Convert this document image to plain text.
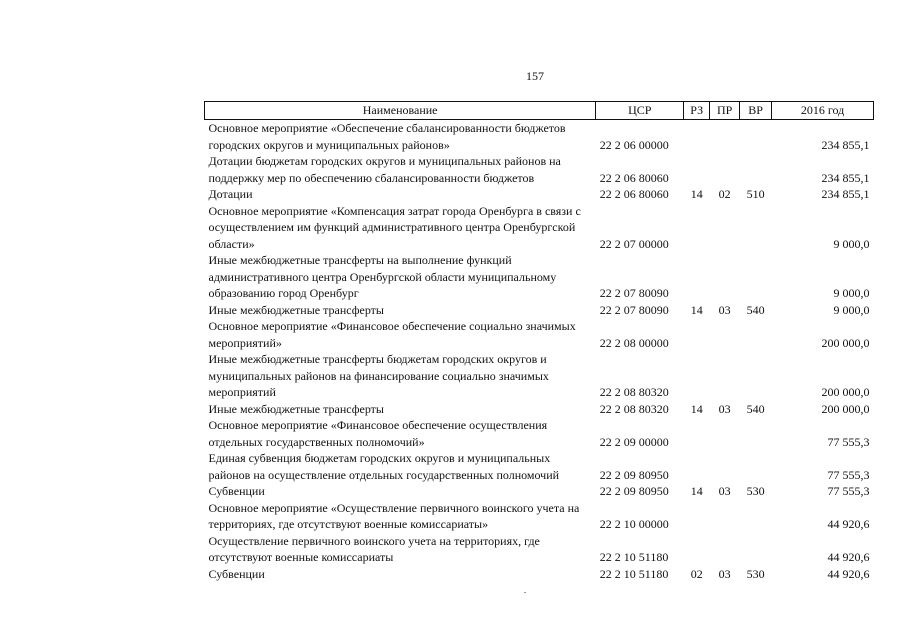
157
Наименование	ЦСР	РЗ	ПР	ВР	2016 год
Основное мероприятие «Обеспечение сбалансированности бюджетов городских округов и муниципальных районов»	22 2 06 00000				234 855,1
Дотации бюджетам городских округов и муниципальных районов на поддержку мер по обеспечению сбалансированности бюджетов	22 2 06 80060				234 855,1
Дотации	22 2 06 80060	14	02	510	234 855,1
Основное мероприятие «Компенсация затрат города Оренбурга в связи с осуществлением им функций административного центра Оренбургской области»	22 2 07 00000				9 000,0
Иные межбюджетные трансферты на выполнение функций административного центра Оренбургской области муниципальному образованию город Оренбург	22 2 07 80090				9 000,0
Иные межбюджетные трансферты	22 2 07 80090	14	03	540	9 000,0
Основное мероприятие «Финансовое обеспечение социально значимых мероприятий»	22 2 08 00000				200 000,0
Иные межбюджетные трансферты бюджетам городских округов и муниципальных районов на финансирование социально значимых мероприятий	22 2 08 80320				200 000,0
Иные межбюджетные трансферты	22 2 08 80320	14	03	540	200 000,0
Основное мероприятие «Финансовое обеспечение осуществления отдельных государственных полномочий»	22 2 09 00000				77 555,3
Единая субвенция бюджетам городских округов и муниципальных районов на осуществление отдельных государственных полномочий	22 2 09 80950				77 555,3
Субвенции	22 2 09 80950	14	03	530	77 555,3
Основное мероприятие «Осуществление первичного воинского учета на территориях, где отсутствуют военные комиссариаты»	22 2 10 00000				44 920,6
Осуществление первичного воинского учета на территориях, где отсутствуют военные комиссариаты	22 2 10 51180				44 920,6
Субвенции	22 2 10 51180	02	03	530	44 920,6
